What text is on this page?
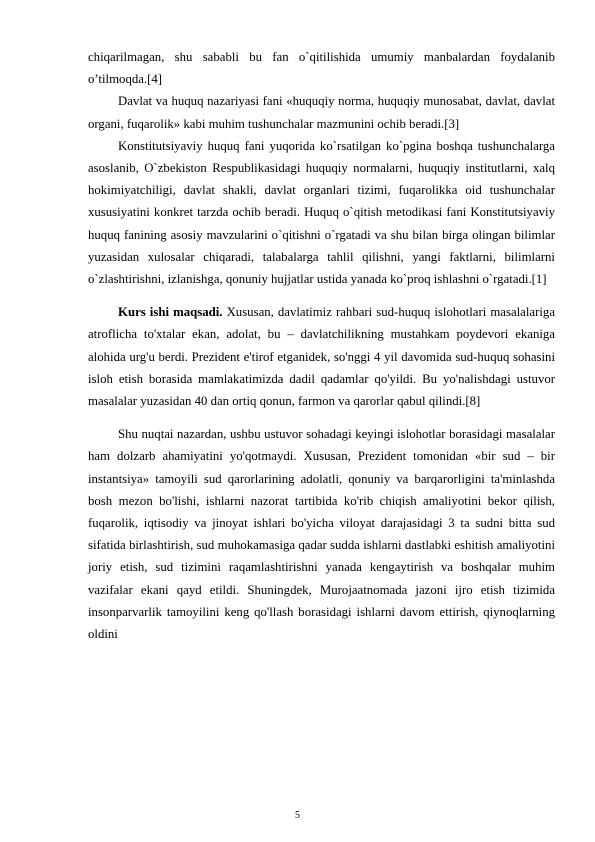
chiqarilmagan, shu sababli bu fan o`qitilishida umumiy manbalardan foydalanib o’tilmoqda.[4]

Davlat va huquq nazariyasi fani «huquqiy norma, huquqiy munosabat, davlat, davlat organi, fuqarolik» kabi muhim tushunchalar mazmunini ochib beradi.[3]

Konstitutsiyaviy huquq fani yuqorida ko`rsatilgan ko`pgina boshqa tushunchalarga asoslanib, O`zbekiston Respublikasidagi huquqiy normalarni, huquqiy institutlarni, xalq hokimiyatchiligi, davlat shakli, davlat organlari tizimi, fuqarolikka oid tushunchalar xususiyatini konkret tarzda ochib beradi. Huquq o`qitish metodikasi fani Konstitutsiyaviy huquq fanining asosiy mavzularini o`qitishni o`rgatadi va shu bilan birga olingan bilimlar yuzasidan xulosalar chiqaradi, talabalarga tahlil qilishni, yangi faktlarni, bilimlarni o`zlashtirishni, izlanishga, qonuniy hujjatlar ustida yanada ko`proq ishlashni o`rgatadi.[1]

Kurs ishi maqsadi. Xususan, davlatimiz rahbari sud-huquq islohotlari masalalariga atroflicha to'xtalar ekan, adolat, bu – davlatchilikning mustahkam poydevori ekaniga alohida urg'u berdi. Prezident e'tirof etganidek, so'nggi 4 yil davomida sud-huquq sohasini isloh etish borasida mamlakatimizda dadil qadamlar qo'yildi. Bu yo'nalishdagi ustuvor masalalar yuzasidan 40 dan ortiq qonun, farmon va qarorlar qabul qilindi.[8]

Shu nuqtai nazardan, ushbu ustuvor sohadagi keyingi islohotlar borasidagi masalalar ham dolzarb ahamiyatini yo'qotmaydi. Xususan, Prezident tomonidan «bir sud – bir instantsiya» tamoyili sud qarorlarining adolatli, qonuniy va barqarorligini ta'minlashda bosh mezon bo'lishi, ishlarni nazorat tartibida ko'rib chiqish amaliyotini bekor qilish, fuqarolik, iqtisodiy va jinoyat ishlari bo'yicha viloyat darajasidagi 3 ta sudni bitta sud sifatida birlashtirish, sud muhokamasiga qadar sudda ishlarni dastlabki eshitish amaliyotini joriy etish, sud tizimini raqamlashtirishni yanada kengaytirish va boshqalar muhim vazifalar ekani qayd etildi. Shuningdek, Murojaatnomada jazoni ijro etish tizimida insonparvarlik tamoyilini keng qo'llash borasidagi ishlarni davom ettirish, qiynoqlarning oldini

5
